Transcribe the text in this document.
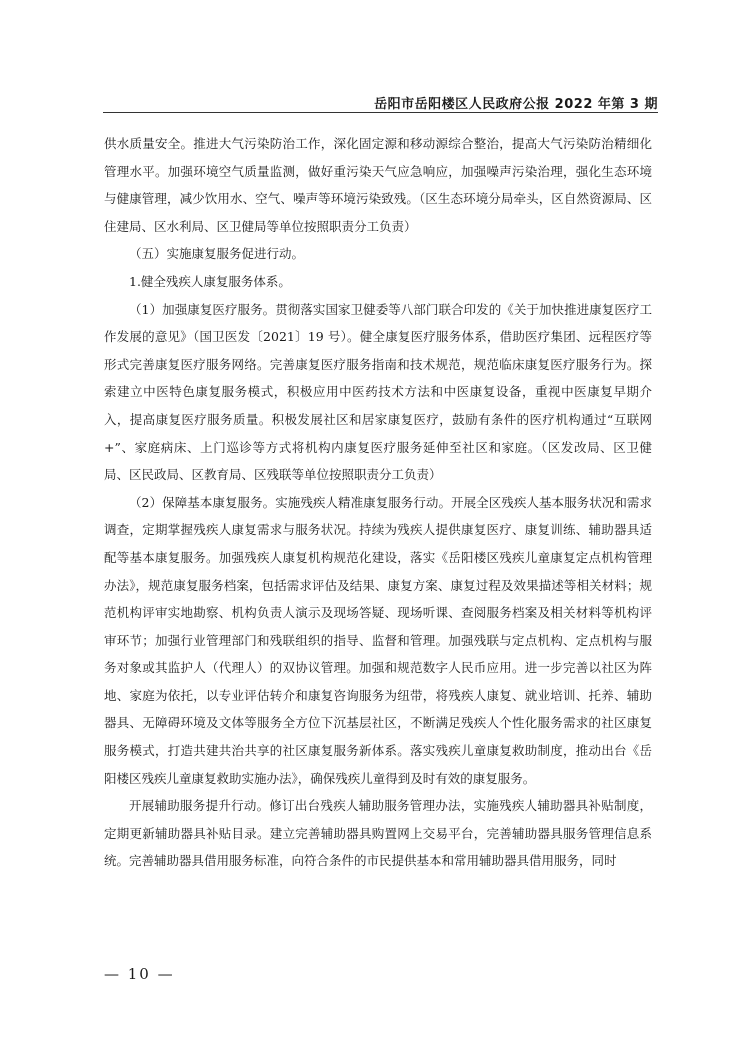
岳阳市岳阳楼区人民政府公报 2022 年第 3 期

供水质量安全。推进大气污染防治工作，深化固定源和移动源综合整治，提高大气污染防治精细化管理水平。加强环境空气质量监测，做好重污染天气应急响应，加强噪声污染治理，强化生态环境与健康管理，减少饮用水、空气、噪声等环境污染致残。（区生态环境分局牵头，区自然资源局、区住建局、区水利局、区卫健局等单位按照职责分工负责）

（五）实施康复服务促进行动。

1.健全残疾人康复服务体系。

（1）加强康复医疗服务。贯彻落实国家卫健委等八部门联合印发的《关于加快推进康复医疗工作发展的意见》（国卫医发〔2021〕19 号）。健全康复医疗服务体系，借助医疗集团、远程医疗等形式完善康复医疗服务网络。完善康复医疗服务指南和技术规范，规范临床康复医疗服务行为。探索建立中医特色康复服务模式，积极应用中医药技术方法和中医康复设备，重视中医康复早期介入，提高康复医疗服务质量。积极发展社区和居家康复医疗，鼓励有条件的医疗机构通过“互联网+”、家庭病床、上门巡诊等方式将机构内康复医疗服务延伸至社区和家庭。（区发改局、区卫健局、区民政局、区教育局、区残联等单位按照职责分工负责）

（2）保障基本康复服务。实施残疾人精准康复服务行动。开展全区残疾人基本服务状况和需求调查，定期掌握残疾人康复需求与服务状况。持续为残疾人提供康复医疗、康复训练、辅助器具适配等基本康复服务。加强残疾人康复机构规范化建设，落实《岳阳楼区残疾儿童康复定点机构管理办法》，规范康复服务档案，包括需求评估及结果、康复方案、康复过程及效果描述等相关材料；规范机构评审实地勘察、机构负责人演示及现场答疑、现场听课、查阅服务档案及相关材料等机构评审环节；加强行业管理部门和残联组织的指导、监督和管理。加强残联与定点机构、定点机构与服务对象或其监护人（代理人）的双协议管理。加强和规范数字人民币应用。进一步完善以社区为阵地、家庭为依托，以专业评估转介和康复咨询服务为纽带，将残疾人康复、就业培训、托养、辅助器具、无障碍环境及文体等服务全方位下沉基层社区，不断满足残疾人个性化服务需求的社区康复服务模式，打造共建共治共享的社区康复服务新体系。落实残疾儿童康复救助制度，推动出台《岳阳楼区残疾儿童康复救助实施办法》，确保残疾儿童得到及时有效的康复服务。

开展辅助服务提升行动。修订出台残疾人辅助服务管理办法，实施残疾人辅助器具补贴制度，定期更新辅助器具补贴目录。建立完善辅助器具购置网上交易平台，完善辅助器具服务管理信息系统。完善辅助器具借用服务标准，向符合条件的市民提供基本和常用辅助器具借用服务，同时

— 10 —
